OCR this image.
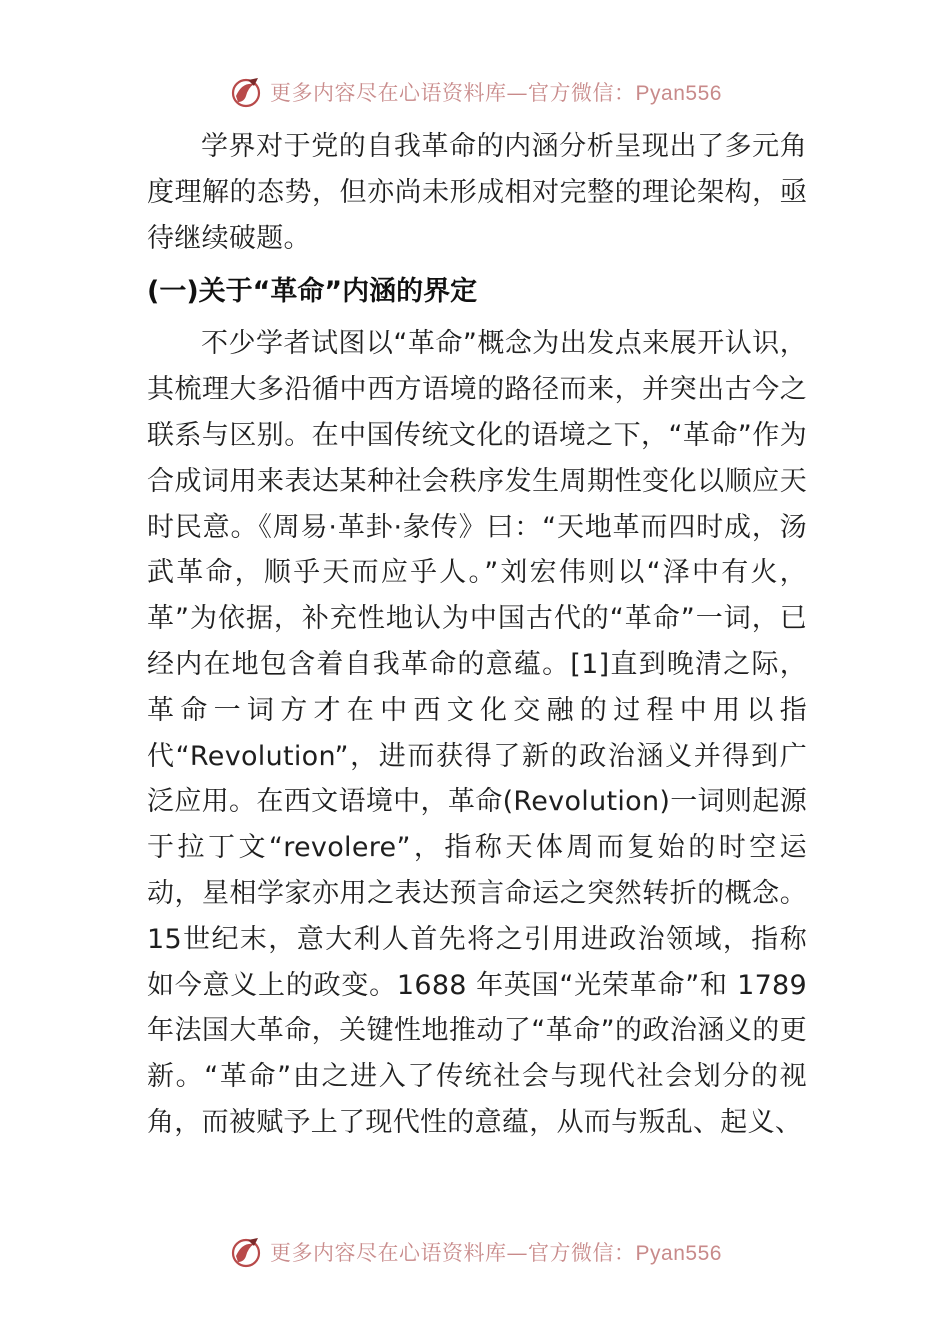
更多内容尽在心语资料库—官方微信：Pyan556

学界对于党的自我革命的内涵分析呈现出了多元角度理解的态势，但亦尚未形成相对完整的理论架构，亟待继续破题。

(一)关于“革命”内涵的界定

不少学者试图以“革命”概念为出发点来展开认识，其梳理大多沿循中西方语境的路径而来，并突出古今之联系与区别。在中国传统文化的语境之下，“革命”作为合成词用来表达某种社会秩序发生周期性变化以顺应天时民意。《周易·革卦·彖传》曰：“天地革而四时成，汤武革命，顺乎天而应乎人。”刘宏伟则以“泽中有火，革”为依据，补充性地认为中国古代的“革命”一词，已经内在地包含着自我革命的意蕴。[1]直到晚清之际，革命一词方才在中西文化交融的过程中用以指代“Revolution”，进而获得了新的政治涵义并得到广泛应用。在西文语境中，革命(Revolution)一词则起源于拉丁文“revolere”，指称天体周而复始的时空运动，星相学家亦用之表达预言命运之突然转折的概念。15世纪末，意大利人首先将之引用进政治领域，指称如今意义上的政变。1688 年英国“光荣革命”和 1789 年法国大革命，关键性地推动了“革命”的政治涵义的更新。“革命”由之进入了传统社会与现代社会划分的视角，而被赋予上了现代性的意蕴，从而与叛乱、起义、

更多内容尽在心语资料库—官方微信：Pyan556
